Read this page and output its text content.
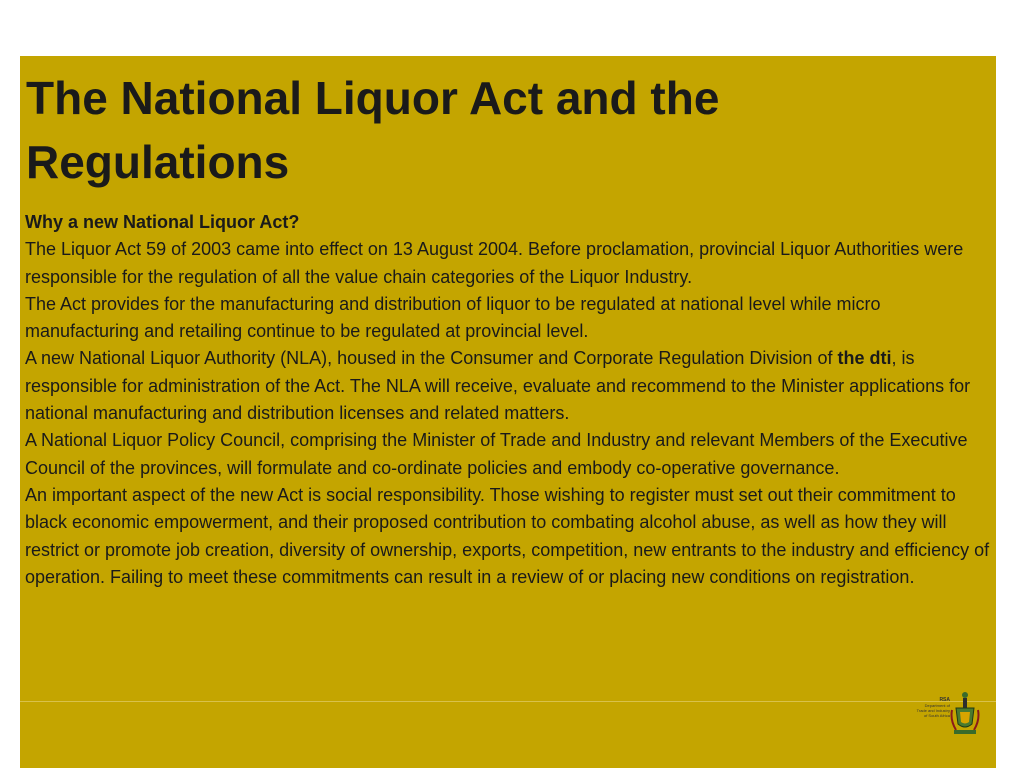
The National Liquor Act and the Regulations
Why a new National Liquor Act?
The Liquor Act 59 of 2003 came into effect on 13 August 2004. Before proclamation, provincial Liquor Authorities were responsible for the regulation of all the value chain categories of the Liquor Industry.
The Act provides for the manufacturing and distribution of liquor to be regulated at national level while micro manufacturing and retailing continue to be regulated at provincial level.
A new National Liquor Authority (NLA), housed in the Consumer and Corporate Regulation Division of the dti, is responsible for administration of the Act. The NLA will receive, evaluate and recommend to the Minister applications for national manufacturing and distribution licenses and related matters.
A National Liquor Policy Council, comprising the Minister of Trade and Industry and relevant Members of the Executive Council of the provinces, will formulate and co-ordinate policies and embody co-operative governance.
An important aspect of the new Act is social responsibility. Those wishing to register must set out their commitment to black economic empowerment, and their proposed contribution to combating alcohol abuse, as well as how they will restrict or promote job creation, diversity of ownership, exports, competition, new entrants to the industry and efficiency of operation. Failing to meet these commitments can result in a review of or placing new conditions on registration.
RSA
Department of Trade and Industry
of South Africa
